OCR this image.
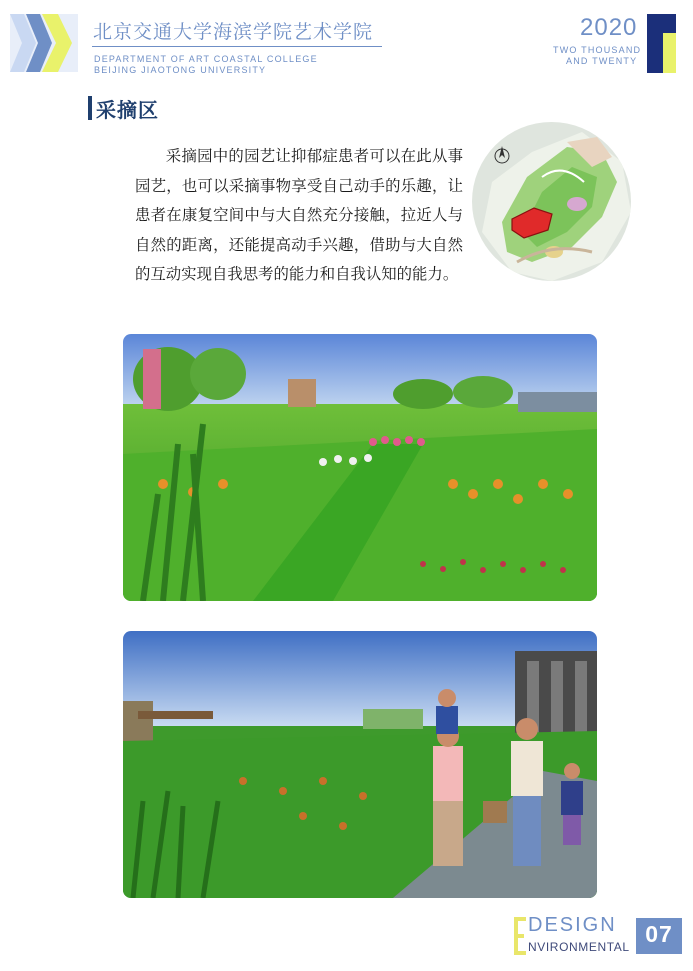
北京交通大学海滨学院艺术学院
DEPARTMENT OF ART COASTAL COLLEGE
BEIJING JIAOTONG UNIVERSITY
2020
TWO THOUSAND
AND TWENTY
采摘区

采摘园中的园艺让抑郁症患者可以在此从事园艺，也可以采摘事物享受自己动手的乐趣，让患者在康复空间中与大自然充分接触，拉近人与自然的距离，还能提高动手兴趣，借助与大自然的互动实现自我思考的能力和自我认知的能力。

DESIGN
NVIRONMENTAL 07
